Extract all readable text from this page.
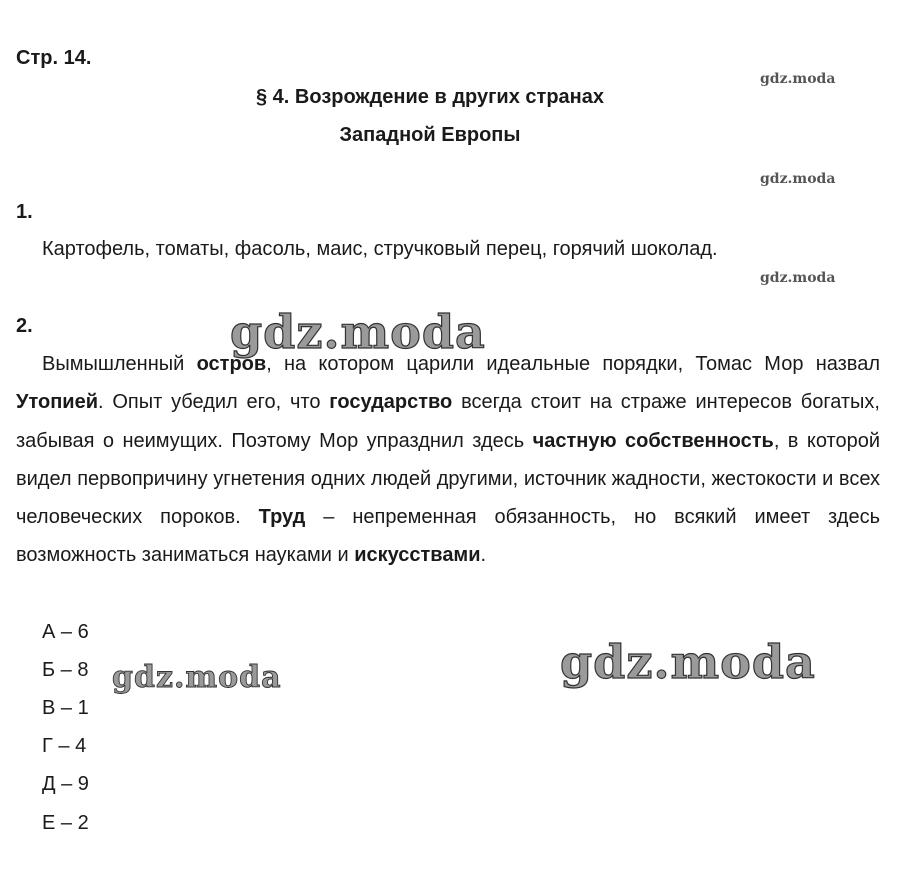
Стр. 14.
gdz.moda
§ 4. Возрождение в других странах
Западной Европы
gdz.moda
1.
Картофель, томаты, фасоль, маис, стручковый перец, горячий шоколад.
gdz.moda
2.	gdz.moda

Вымышленный остров, на котором царили идеальные порядки, Томас Мор назвал Утопией. Опыт убедил его, что государство всегда стоит на страже интересов богатых, забывая о неимущих. Поэтому Мор упразднил здесь частную собственность, в которой видел первопричину угнетения одних людей другими, источник жадности, жестокости и всех человеческих пороков. Труд – непременная обязанность, но всякий имеет здесь возможность заниматься науками и искусствами.

А – 6
Б – 8
В – 1
Г – 4
Д – 9
Е – 2
gdz.moda	gdz.moda
